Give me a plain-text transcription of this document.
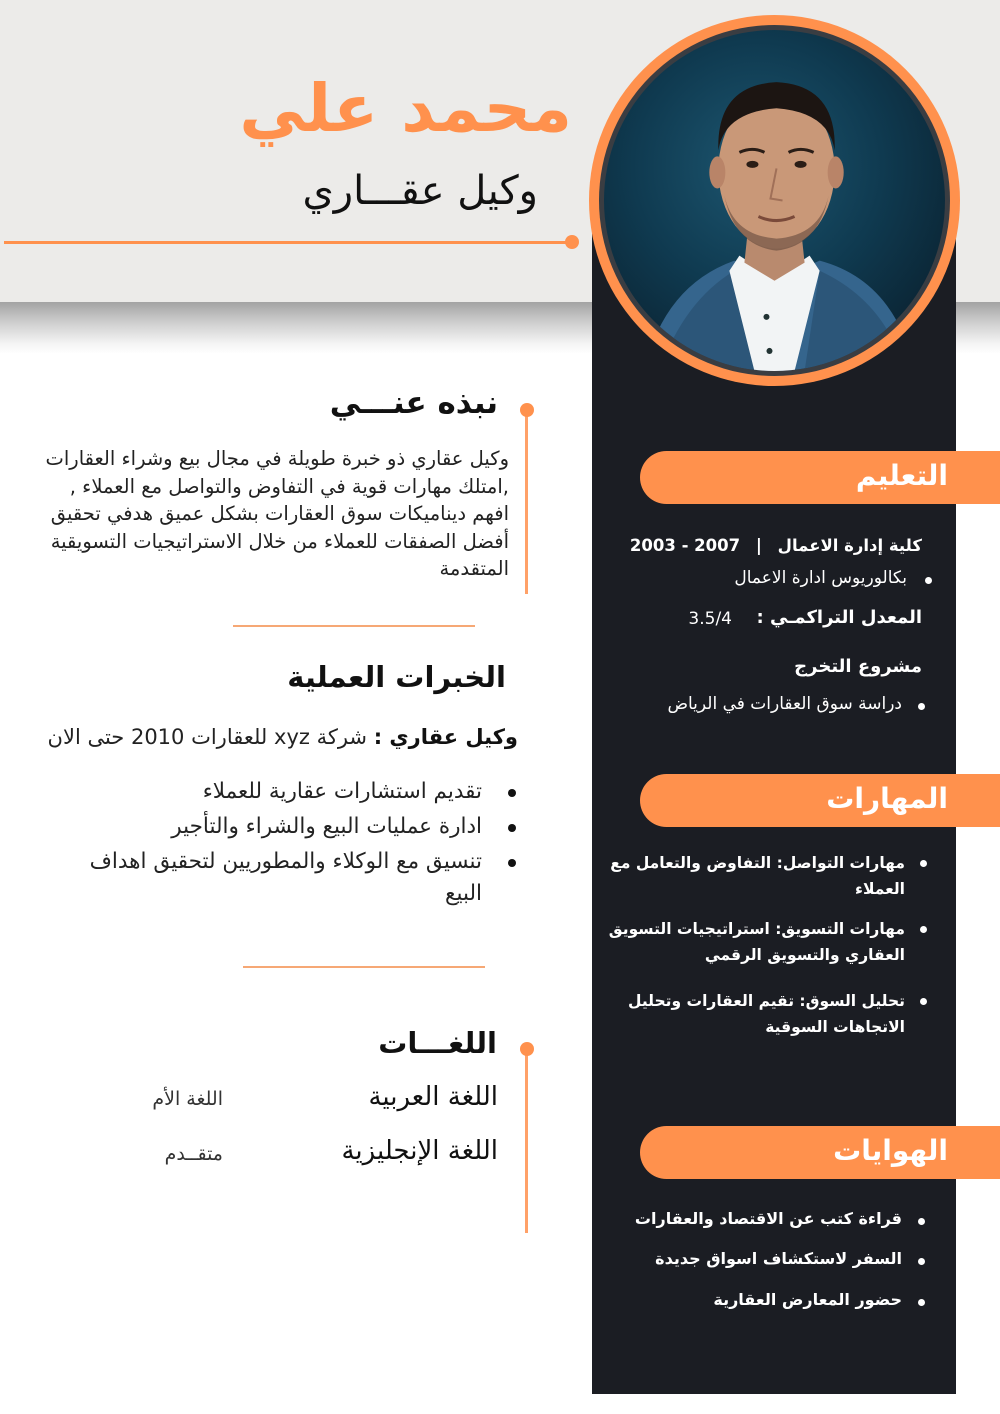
محمد علي
وكيل عقـــاري
نبذه عنـــي
وكيل عقاري ذو خبرة طويلة في مجال بيع وشراء العقارات ,امتلك مهارات قوية في التفاوض والتواصل مع العملاء , افهم ديناميكات سوق العقارات بشكل عميق هدفي تحقيق أفضل الصفقات للعملاء من خلال الاستراتيجيات التسويقية المتقدمة
الخبرات العملية
وكيل عقاري : شركة xyz للعقارات 2010 حتى الان
تقديم استشارات عقارية للعملاء
ادارة عمليات البيع والشراء والتأجير
تنسيق مع الوكلاء والمطوريين لتحقيق اهداف البيع
اللغـــات
اللغة العربية
اللغة الأم
اللغة الإنجليزية
متقــدم
التعليم
كلية إدارة الاعمال | 2003 - 2007
بكالوريوس ادارة الاعمال
المعدل التراكمـي :
3.5/4
مشروع التخرج
دراسة سوق العقارات في الرياض
المهارات
مهارات التواصل: التفاوض والتعامل مع العملاء
مهارات التسويق: استراتيجيات التسويق العقاري والتسويق الرقمي
تحليل السوق: تقيم العقارات وتحليل الاتجاهات السوقية
الهوايات
قراءة كتب عن الاقتصاد والعقارات
السفر لاستكشاف اسواق جديدة
حضور المعارض العقارية
